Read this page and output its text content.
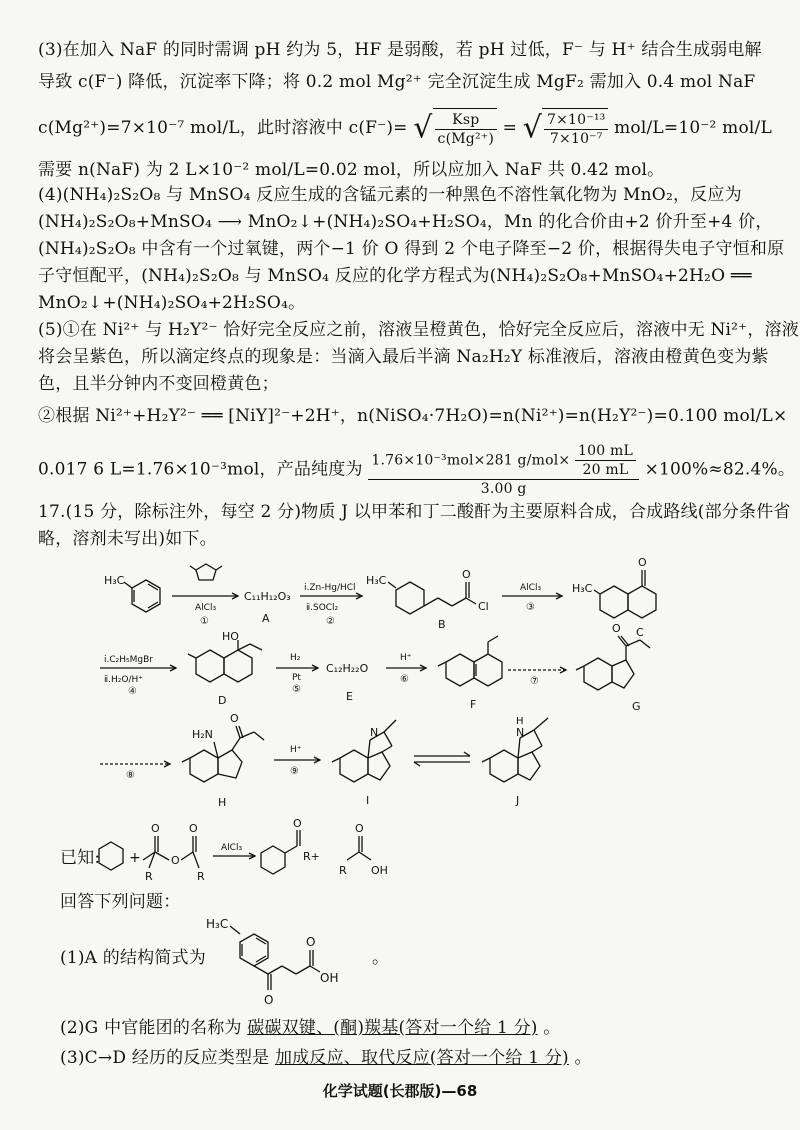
(3)在加入 NaF 的同时需调 pH 约为 5，HF 是弱酸，若 pH 过低，F⁻ 与 H⁺ 结合生成弱电解
导致 c(F⁻) 降低，沉淀率下降；将 0.2 mol Mg²⁺ 完全沉淀生成 MgF₂ 需加入 0.4 mol NaF
c(Mg²⁺)=7×10⁻⁷ mol/L，此时溶液中 c(F⁻)= √ $\frac{\text{Ksp}}{\text{c(Mg²⁺)}}$ = √ $\frac{\text{7×10⁻¹³}}{\text{7×10⁻⁷}} mol/L=10^{-2}$ mol/L
需要 n(NaF) 为 2 L×10⁻² mol/L=0.02 mol，所以应加入 NaF 共 0.42 mol。
(4)(NH₄)₂S₂O₈ 与 MnSO₄ 反应生成的含锰元素的一种黑色不溶性氧化物为 MnO₂，反应为
(NH₄)₂S₂O₈+MnSO₄ ⟶ MnO₂↓+(NH₄)₂SO₄+H₂SO₄，Mn 的化合价由+2 价升至+4 价，
(NH₄)₂S₂O₈ 中含有一个过氧键，两个−1 价 O 得到 2 个电子降至−2 价，根据得失电子守恒和原
子守恒配平，(NH₄)₂S₂O₈ 与 MnSO₄ 反应的化学方程式为(NH₄)₂S₂O₈+MnSO₄+2H₂O ══
MnO₂↓+(NH₄)₂SO₄+2H₂SO₄。
(5)①在 Ni²⁺ 与 H₂Y²⁻ 恰好完全反应之前，溶液呈橙黄色，恰好完全反应后，溶液中无 Ni²⁺，溶液
将会呈紫色，所以滴定终点的现象是：当滴入最后半滴 Na₂H₂Y 标准液后，溶液由橙黄色变为紫
色，且半分钟内不变回橙黄色；
②根据 Ni²⁺+H₂Y²⁻ ══ [NiY]²⁻+2H⁺，n(NiSO₄·7H₂O)=n(Ni²⁺)=n(H₂Y²⁻)=0.100 mol/L×
0.017 6 L=1.76×10⁻³mol，产品纯度为 1.76×10⁻³mol×281 $g/mol\times \frac{100 mL}{20 mL}$
3.00 g
×100%≈82.4%。
17.(15 分，除标注外，每空 2 分)物质 J 以甲苯和丁二酸酐为主要原料合成，合成路线(部分条件省
略，溶剂未写出)如下。
H₃C
AlCl₃
①
C₁₁H₁₂O₃
A
ⅰ.Zn-Hg/HCl
ⅱ.SOCl₂
②
H₃C	O
Cl
B
AlCl₃
③
H₃C
O
C
ⅰ.C₂H₅MgBr
ⅱ.H₂O/H⁺
④
HO
D
H₂
Pt
⑤
C₁₂H₂₂O
E
H⁺
⑥
F
⑦
O
G
⑧
H₂N
O
H
H⁺
⑨
N
I
H
N
J
已知:	+
O	O
R
O
R
AlCl₃
O
R+
O
R OH
回答下列问题：
(1)A 的结构简式为
H₃C
O
OH
O
。
(2)G 中官能团的名称为 碳碳双键、(酮)羰基(答对一个给 1 分) 。
(3)C→D 经历的反应类型是 加成反应、取代反应(答对一个给 1 分) 。
化学试题(长郡版)—68
